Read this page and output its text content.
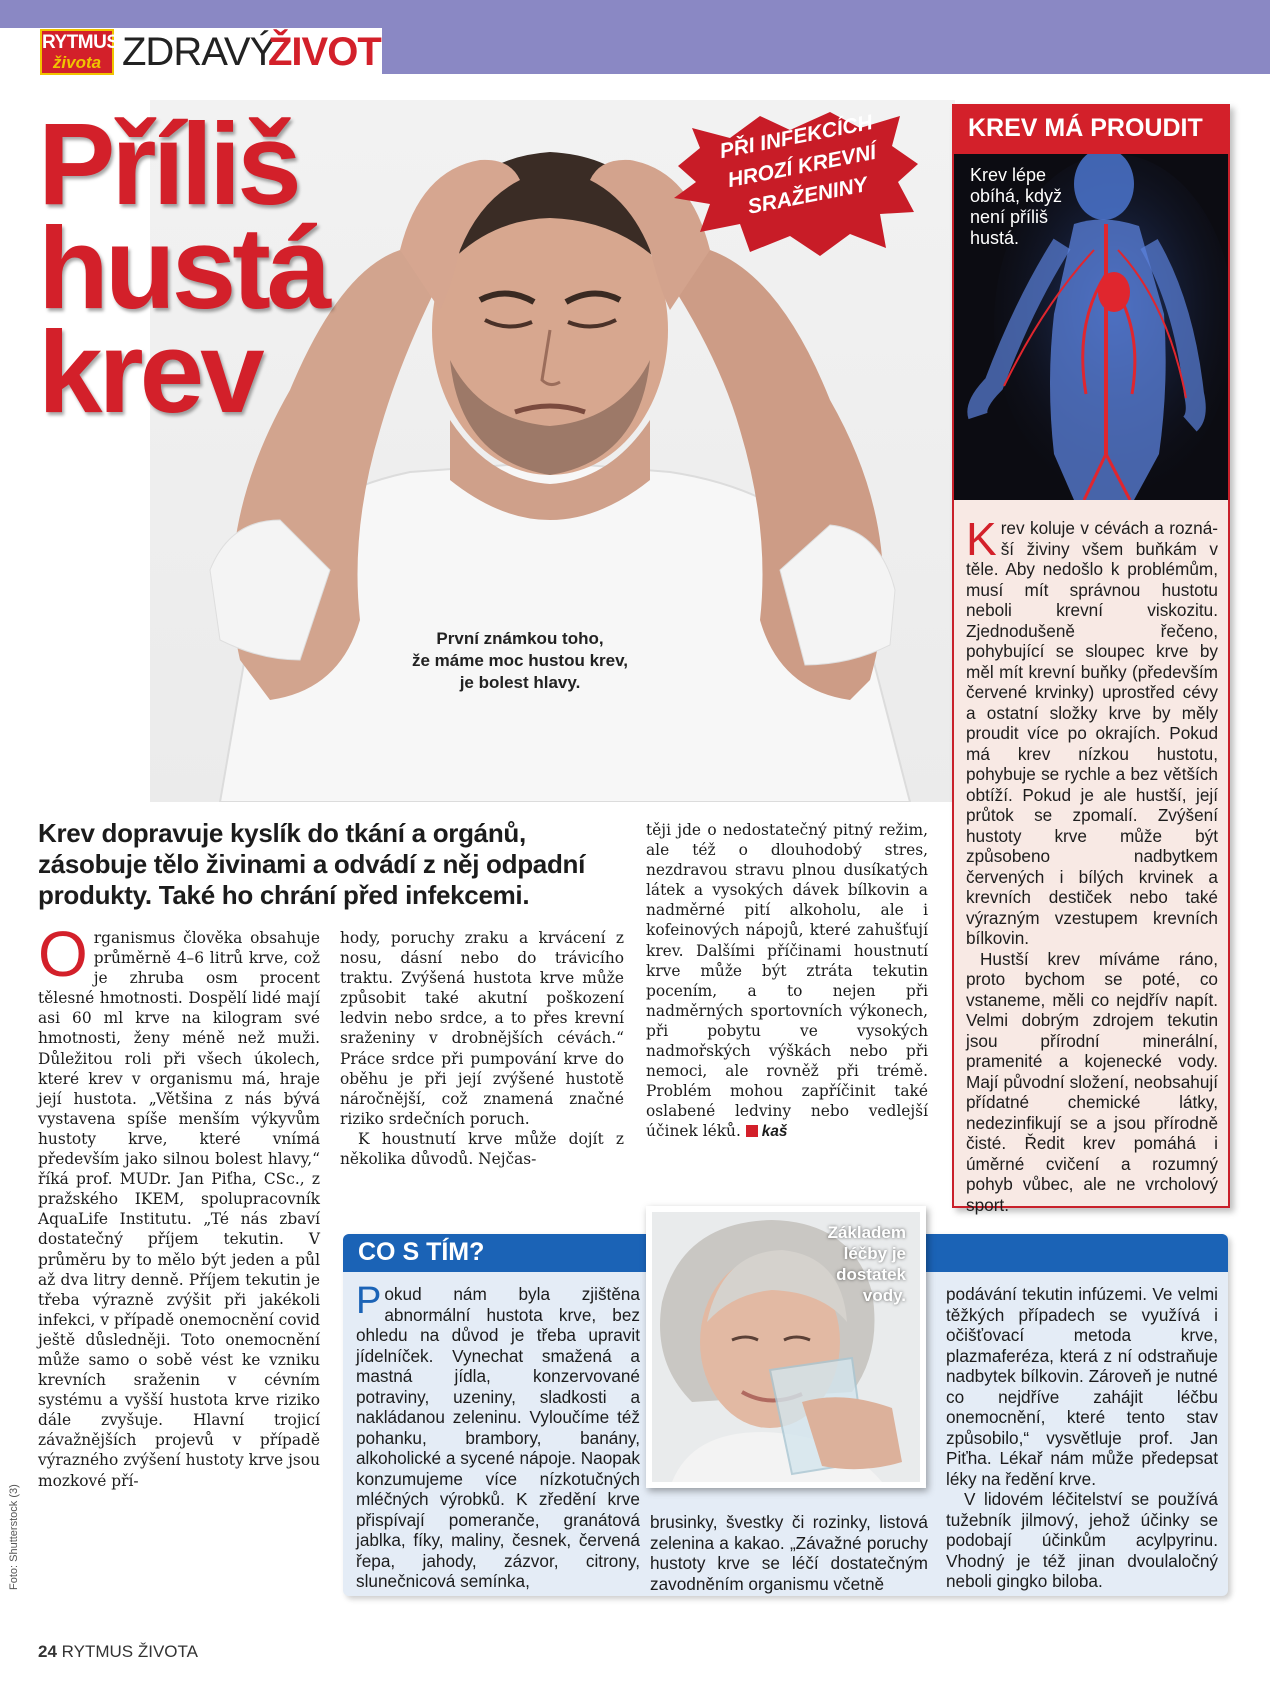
RYTMUS
života ZDRAVÝ
ŽIVOT
Příliš
hustá
krev
PŘI INFEKCÍCH HROZÍ KREVNÍ SRAŽENINY
První známkou toho,
že máme moc hustou krev,
je bolest hlavy.
KREV MÁ PROUDIT
Krev lépe obíhá, když není příliš hustá.

Krev koluje v cévách a rozná-ší živiny všem buňkám v těle. Aby nedošlo k problémům, musí mít správnou hustotu neboli krevní viskozitu. Zjednodušeně řečeno, pohybující se sloupec krve by měl mít krevní buňky (především červené krvinky) uprostřed cévy a ostatní složky krve by měly proudit více po okrajích. Pokud má krev nízkou hustotu, pohybuje se rychle a bez větších obtíží. Pokud je ale hustší, její průtok se zpomalí. Zvýšení hustoty krve může být způsobeno nadbytkem červených i bílých krvinek a krevních destiček nebo také výrazným vzestupem krevních bílkovin.

Hustší krev míváme ráno, proto bychom se poté, co vstaneme, měli co nejdřív napít. Velmi dobrým zdrojem tekutin jsou přírodní minerální, pramenité a kojenecké vody. Mají původní složení, neobsahují přídatné chemické látky, nedezinfikují se a jsou přírodně čisté. Ředit krev pomáhá i úměrné cvičení a rozumný pohyb vůbec, ale ne vrcholový sport.

Krev dopravuje kyslík do tkání a orgánů, zásobuje tělo živinami a odvádí z něj odpadní produkty. Také ho chrání před infekcemi.

Organismus člověka obsahuje průměrně 4–6 litrů krve, což je zhruba osm procent tělesné hmotnosti. Dospělí lidé mají asi 60 ml krve na kilogram své hmotnosti, ženy méně než muži. Důležitou roli při všech úkolech, které krev v organismu má, hraje její hustota. „Většina z nás bývá vystavena spíše menším výkyvům hustoty krve, které vnímá především jako silnou bolest hlavy,“ říká prof. MUDr. Jan Piťha, CSc., z pražského IKEM, spolupracovník AquaLife Institutu. „Té nás zbaví dostatečný příjem tekutin. V průměru by to mělo být jeden a půl až dva litry denně. Příjem tekutin je třeba výrazně zvýšit při jakékoli infekci, v případě onemocnění covid ještě důsledněji. Toto onemocnění může samo o sobě vést ke vzniku krevních sraženin v cévním systému a vyšší hustota krve riziko dále zvyšuje. Hlavní trojicí závažnějších projevů v případě výrazného zvýšení hustoty krve jsou mozkové pří-

hody, poruchy zraku a krvácení z nosu, dásní nebo do trávicího traktu. Zvýšená hustota krve může způsobit také akutní poškození ledvin nebo srdce, a to přes krevní sraženiny v drobnějších cévách.“ Práce srdce při pumpování krve do oběhu je při její zvýšené hustotě náročnější, což znamená značné riziko srdečních poruch.

K houstnutí krve může dojít z několika důvodů. Nejčas-

těji jde o nedostatečný pitný režim, ale též o dlouhodobý stres, nezdravou stravu plnou dusíkatých látek a vysokých dávek bílkovin a nadměrné pití alkoholu, ale i kofeinových nápojů, které zahušťují krev. Dalšími příčinami houstnutí krve může být ztráta tekutin pocením, a to nejen při nadměrných sportovních výkonech, při pobytu ve vysokých nadmořských výškách nebo při nemoci, ale rovněž při trémě. Problém mohou zapříčinit také oslabené ledviny nebo vedlejší účinek léků. kaš

CO S TÍM?

Pokud nám byla zjištěna abnormální hustota krve, bez ohledu na důvod je třeba upravit jídelníček. Vynechat smažená a mastná jídla, konzervované potraviny, uzeniny, sladkosti a nakládanou zeleninu. Vyloučíme též pohanku, brambory, banány, alkoholické a sycené nápoje. Naopak konzumujeme více nízkotučných mléčných výrobků. K zředění krve přispívají pomeranče, granátová jablka, fíky, maliny, česnek, červená řepa, jahody, zázvor, citrony, slunečnicová semínka,

brusinky, švestky či rozinky, listová zelenina a kakao. „Závažné poruchy hustoty krve se léčí dostatečným zavodněním organismu včetně

podávání tekutin infúzemi. Ve velmi těžkých případech se využívá i očišťovací metoda krve, plazmaferéza, která z ní odstraňuje nadbytek bílkovin. Zároveň je nutné co nejdříve zahájit léčbu onemocnění, které tento stav způsobilo,“ vysvětluje prof. Jan Piťha. Lékař nám může předepsat léky na ředění krve.

V lidovém léčitelství se používá tužebník jilmový, jehož účinky se podobají účinkům acylpyrinu. Vhodný je též jinan dvoulaločný neboli gingko biloba.

Základem léčby je dostatek vody.
Foto: Shutterstock (3)
24 RYTMUS ŽIVOTA
